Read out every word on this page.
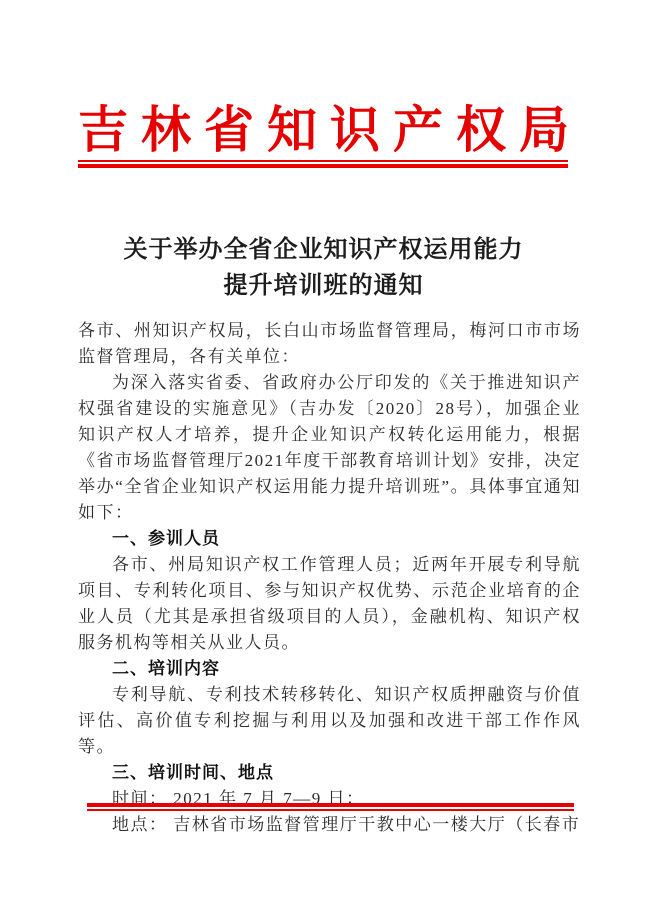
吉林省知识产权局
关于举办全省企业知识产权运用能力
提升培训班的通知

各市、州知识产权局，长白山市场监督管理局，梅河口市市场监督管理局，各有关单位：

为深入落实省委、省政府办公厅印发的《关于推进知识产权强省建设的实施意见》（吉办发〔2020〕28号），加强企业知识产权人才培养，提升企业知识产权转化运用能力，根据《省市场监督管理厅2021年度干部教育培训计划》安排，决定举办“全省企业知识产权运用能力提升培训班”。具体事宜通知如下：

一、参训人员

各市、州局知识产权工作管理人员；近两年开展专利导航项目、专利转化项目、参与知识产权优势、示范企业培育的企业人员（尤其是承担省级项目的人员），金融机构、知识产权服务机构等相关从业人员。

二、培训内容

专利导航、专利技术转移转化、知识产权质押融资与价值评估、高价值专利挖掘与利用以及加强和改进干部工作作风等。

三、培训时间、地点

时间： 2021 年 7 月 7—9 日；

地点： 吉林省市场监督管理厅干教中心一楼大厅（长春市
